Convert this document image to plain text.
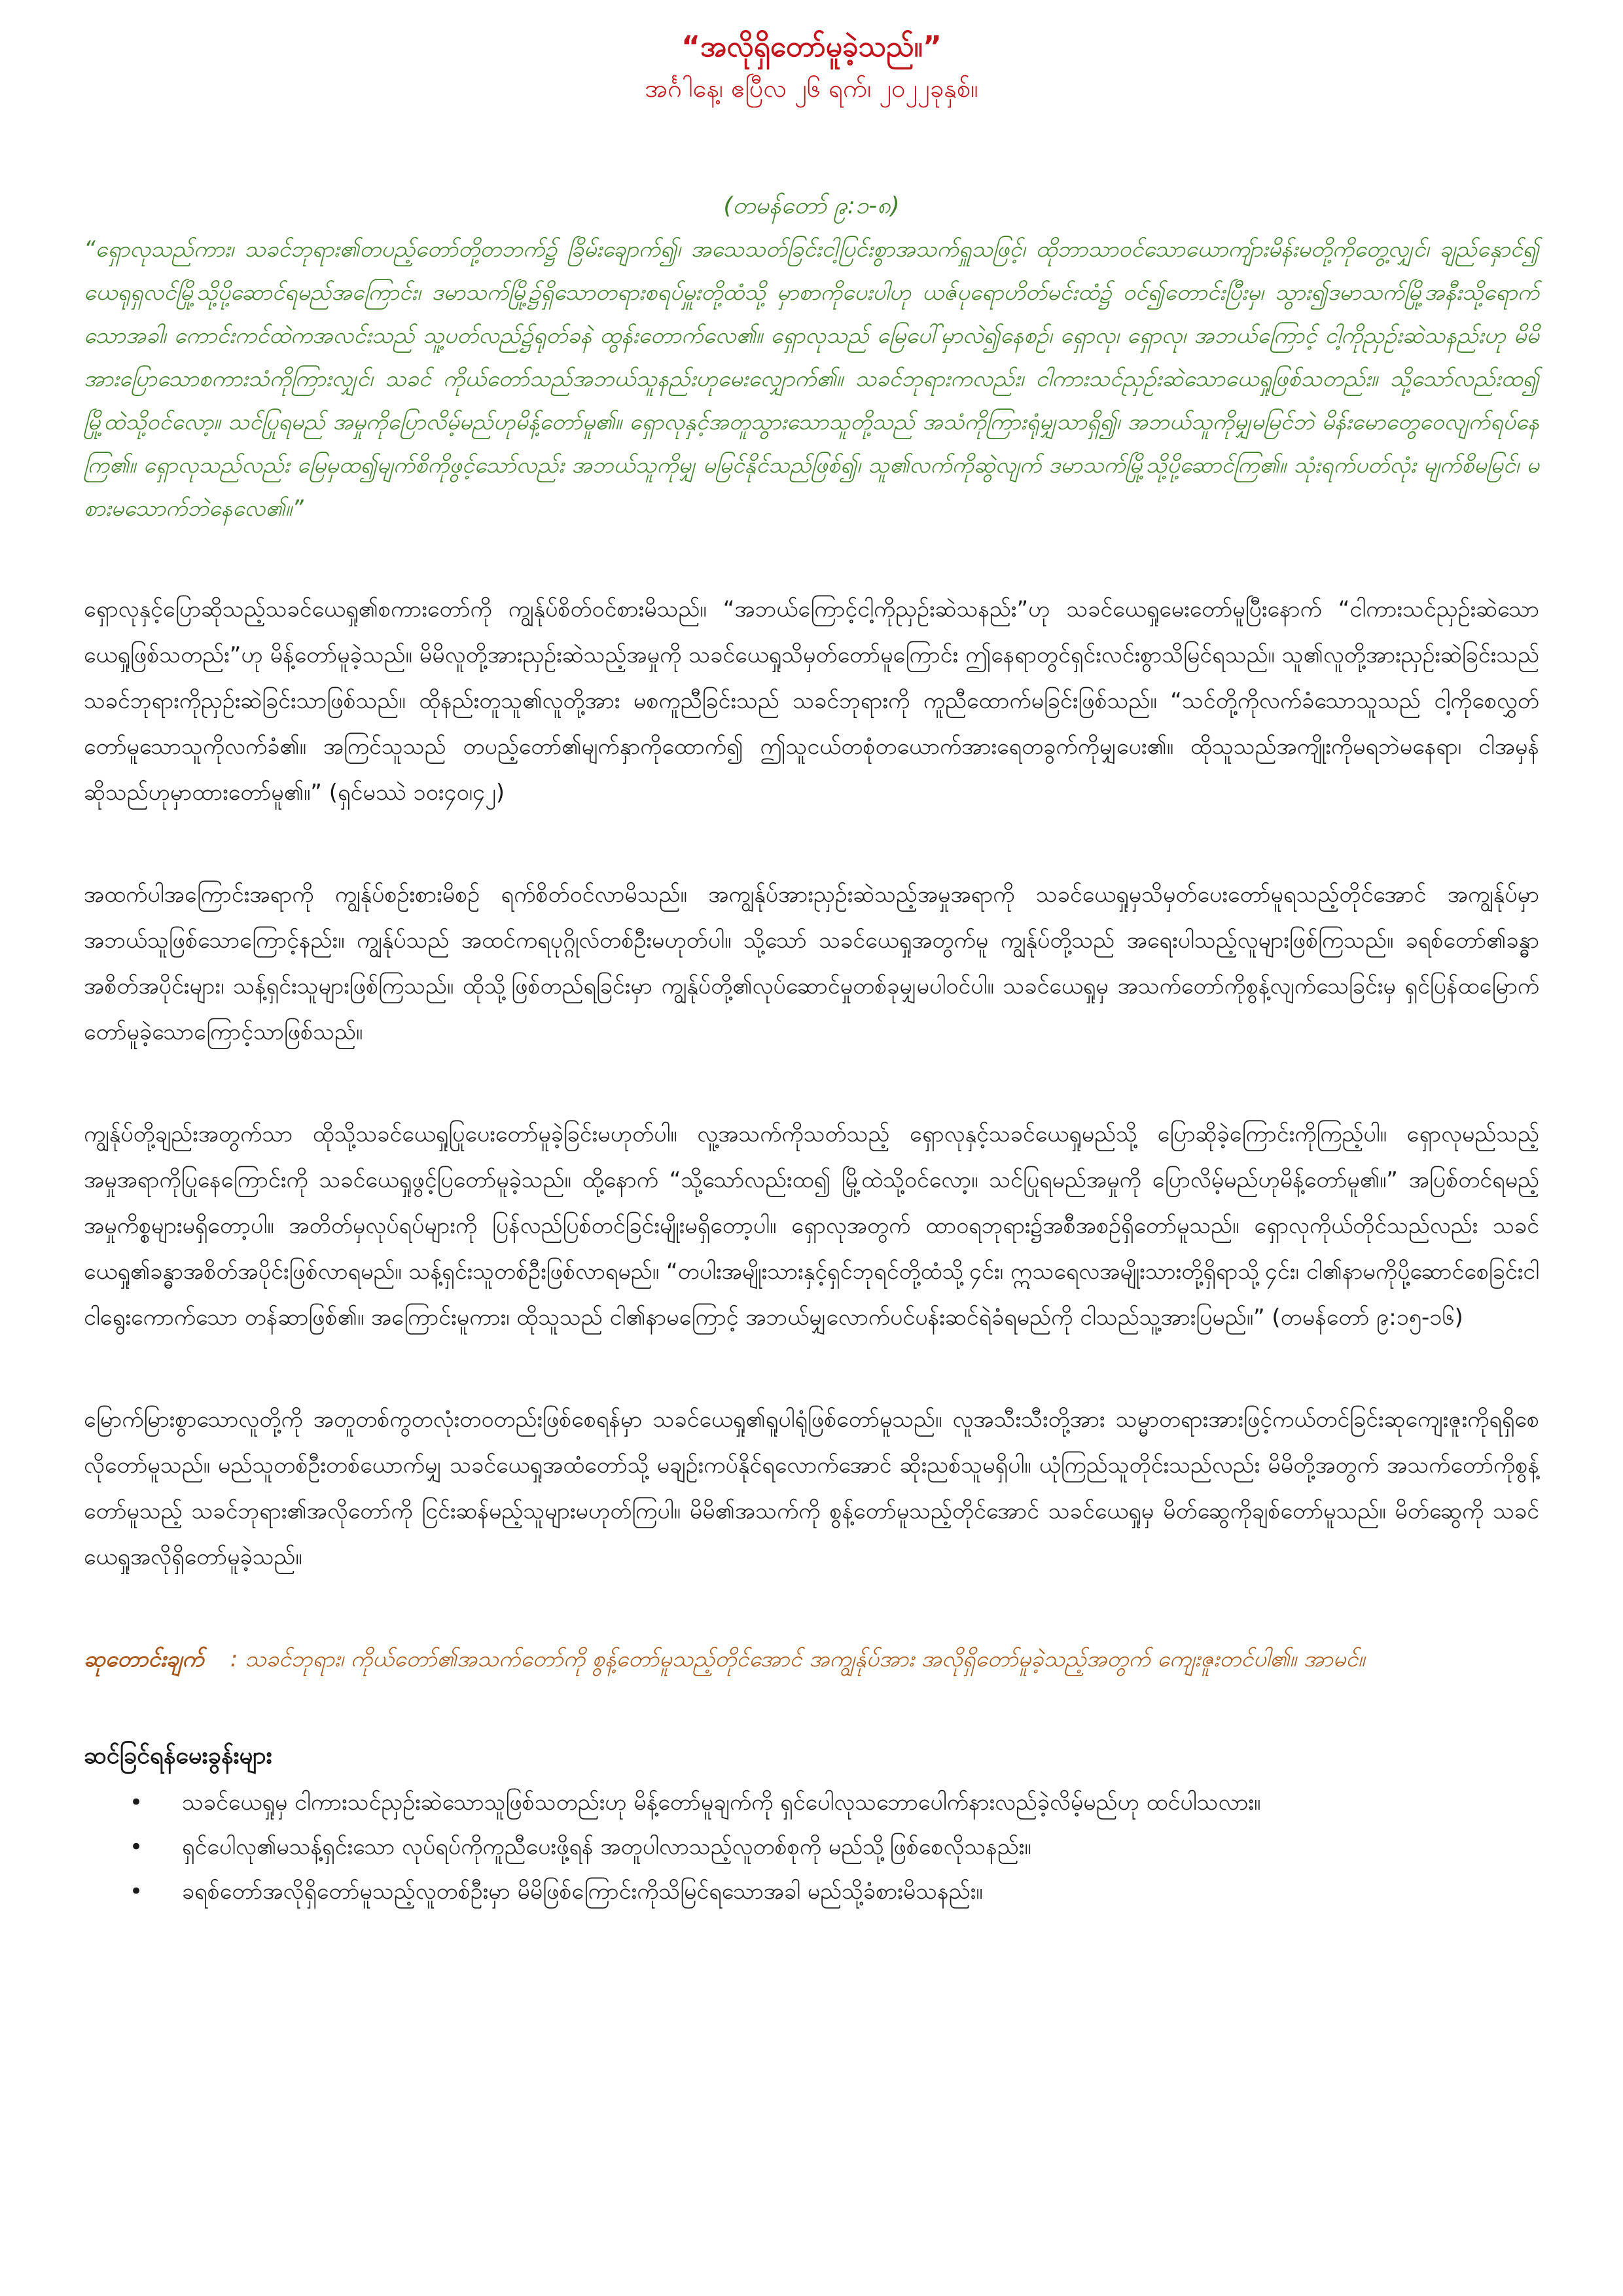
“အလိုရှိတော်မူခဲ့သည်။”

အင်္ဂါနေ့၊ ဧပြီလ ၂၆ ရက်၊ ၂၀၂၂ခုနှစ်။

(တမန်တော် ၉:၁-၈)

“ရှောလုသည်ကား၊ သခင်ဘုရား၏တပည့်တော်တို့တဘက်၌ ခြိမ်းချောက်၍၊ အသေသတ်ခြင်းငါ့ပြင်းစွာအသက်ရှူသဖြင့်၊ ထိုဘာသာဝင်သောယောကျ်ားမိန်းမတို့ကိုတွေ့လျှင်၊ ချည်နှောင်၍ ယေရုရှလင်မြို့သို့ပို့ဆောင်ရမည်အကြောင်း၊ ဒမာသက်မြို့၌ရှိသောတရားစရပ်မှူးတို့ထံသို့ မှာစာကိုပေးပါဟု ယဇ်ပုရောဟိတ်မင်းထံ၌ ဝင်၍တောင်းပြီးမှ၊ သွား၍ဒမာသက်မြို့အနီးသို့ရောက်သောအခါ၊ ကောင်းကင်ထဲကအလင်းသည် သူ့ပတ်လည်၌ရုတ်ခနဲ ထွန်းတောက်လေ၏။ ရှောလုသည် မြေပေါ်မှာလဲ၍နေစဉ်၊ ရှောလု၊ ရှောလု၊ အဘယ်ကြောင့် ငါ့ကိုညှဉ်းဆဲသနည်းဟု မိမိအားပြောသောစကားသံကိုကြားလျှင်၊ သခင် ကိုယ်တော်သည်အဘယ်သူနည်းဟုမေးလျှောက်၏။ သခင်ဘုရားကလည်း၊ ငါကားသင်ညှဉ်းဆဲသောယေရှုဖြစ်သတည်း။ သို့သော်လည်းထ၍ မြို့ထဲသို့ဝင်လော့။ သင်ပြုရမည် အမှုကိုပြောလိမ့်မည်ဟုမိန့်တော်မူ၏။ ရှောလုနှင့်အတူသွားသောသူတို့သည် အသံကိုကြားရုံမျှသာရှိ၍၊ အဘယ်သူကိုမျှမမြင်ဘဲ မိန်းမောတွေဝေလျက်ရပ်နေကြ၏။ ရှောလုသည်လည်း မြေမှထ၍မျက်စိကိုဖွင့်သော်လည်း အဘယ်သူကိုမျှ မမြင်နိုင်သည်ဖြစ်၍၊ သူ၏လက်ကိုဆွဲလျက် ဒမာသက်မြို့သို့ပို့ဆောင်ကြ၏။ သုံးရက်ပတ်လုံး မျက်စိမမြင်၊ မစားမသောက်ဘဲနေလေ၏။”

ရှောလုနှင့်ပြောဆိုသည့်သခင်ယေရှု၏စကားတော်ကို ကျွန်ုပ်စိတ်ဝင်စားမိသည်။ “အဘယ်ကြောင့်ငါ့ကိုညှဉ်းဆဲသနည်း”ဟု သခင်ယေရှုမေးတော်မူပြီးနောက် “ငါကားသင်ညှဉ်းဆဲသောယေရှုဖြစ်သတည်း”ဟု မိန့်တော်မူခဲ့သည်။ မိမိလူတို့အားညှဉ်းဆဲသည့်အမှုကို သခင်ယေရှုသိမှတ်တော်မူကြောင်း ဤနေရာတွင်ရှင်းလင်းစွာသိမြင်ရသည်။ သူ၏လူတို့အားညှဉ်းဆဲခြင်းသည် သခင်ဘုရားကိုညှဉ်းဆဲခြင်းသာဖြစ်သည်။ ထိုနည်းတူသူ၏လူတို့အား မစကူညီခြင်းသည် သခင်ဘုရားကို ကူညီထောက်မခြင်းဖြစ်သည်။ “သင်တို့ကိုလက်ခံသောသူသည် ငါ့ကိုစေလွှတ်တော်မူသောသူကိုလက်ခံ၏။ အကြင်သူသည် တပည့်တော်၏မျက်နှာကိုထောက်၍ ဤသူငယ်တစုံတယောက်အားရေတခွက်ကိုမျှပေး၏။ ထိုသူသည်အကျိုးကိုမရဘဲမနေရာ၊ ငါအမှန်ဆိုသည်ဟုမှာထားတော်မူ၏။” (ရှင်မဿဲ ၁၀း၄၀၊၄၂)

အထက်ပါအကြောင်းအရာကို ကျွန်ုပ်စဉ်းစားမိစဉ် ရက်စိတ်ဝင်လာမိသည်။ အကျွန်ုပ်အားညှဉ်းဆဲသည့်အမှုအရာကို သခင်ယေရှုမှသိမှတ်ပေးတော်မူရသည့်တိုင်အောင် အကျွန်ုပ်မှာအဘယ်သူဖြစ်သောကြောင့်နည်း။ ကျွန်ုပ်သည် အထင်ကရပုဂ္ဂိုလ်တစ်ဦးမဟုတ်ပါ။ သို့သော် သခင်ယေရှုအတွက်မူ ကျွန်ုပ်တို့သည် အရေးပါသည့်လူများဖြစ်ကြသည်။ ခရစ်တော်၏ခန္ဓာအစိတ်အပိုင်းများ၊ သန့်ရှင်းသူများဖြစ်ကြသည်။ ထိုသို့ဖြစ်တည်ရခြင်းမှာ ကျွန်ုပ်တို့၏လုပ်ဆောင်မှုတစ်ခုမျှမပါဝင်ပါ။ သခင်ယေရှုမှ အသက်တော်ကိုစွန့်လျက်သေခြင်းမှ ရှင်ပြန်ထမြောက်တော်မူခဲ့သောကြောင့်သာဖြစ်သည်။

ကျွန်ုပ်တို့ချည်းအတွက်သာ ထိုသို့သခင်ယေရှုပြုပေးတော်မူခဲ့ခြင်းမဟုတ်ပါ။ လူ့အသက်ကိုသတ်သည့် ရှောလုနှင့်သခင်ယေရှုမည်သို့ ပြောဆိုခဲ့ကြောင်းကိုကြည့်ပါ။ ရှောလုမည်သည့်အမှုအရာကိုပြုနေကြောင်းကို သခင်ယေရှုဖွင့်ပြတော်မူခဲ့သည်။ ထို့နောက် “သို့သော်လည်းထ၍ မြို့ထဲသို့ဝင်လော့။ သင်ပြုရမည်အမှုကို ပြောလိမ့်မည်ဟုမိန့်တော်မူ၏။” အပြစ်တင်ရမည့်အမှုကိစ္စများမရှိတော့ပါ။ အတိတ်မှလုပ်ရပ်များကို ပြန်လည်ပြစ်တင်ခြင်းမျိုးမရှိတော့ပါ။ ရှောလုအတွက် ထာဝရဘုရား၌အစီအစဉ်ရှိတော်မူသည်။ ရှောလုကိုယ်တိုင်သည်လည်း သခင်ယေရှု၏ခန္ဓာအစိတ်အပိုင်းဖြစ်လာရမည်။ သန့်ရှင်းသူတစ်ဦးဖြစ်လာရမည်။ “တပါးအမျိုးသားနှင့်ရှင်ဘုရင်တို့ထံသို့၄င်း၊ ဣသရေလအမျိုးသားတို့ရှိရာသို့၄င်း၊ ငါ၏နာမကိုပို့ဆောင်စေခြင်းငါ ငါရွေးကောက်သော တန်ဆာဖြစ်၏။ အကြောင်းမူကား၊ ထိုသူသည် ငါ၏နာမကြောင့် အဘယ်မျှလောက်ပင်ပန်းဆင်ရဲခံရမည်ကို ငါသည်သူ့အားပြမည်။” (တမန်တော် ၉:၁၅-၁၆)

မြောက်မြားစွာသောလူတို့ကို အတူတစ်ကွတလုံးတဝတည်းဖြစ်စေရန်မှာ သခင်ယေရှု၏ရူပါရုံဖြစ်တော်မူသည်။ လူအသီးသီးတို့အား သမ္မာတရားအားဖြင့်ကယ်တင်ခြင်းဆုကျေးဇူးကိုရရှိစေလိုတော်မူသည်။ မည်သူတစ်ဦးတစ်ယောက်မျှ သခင်ယေရှုအထံတော်သို့ မချဉ်းကပ်နိုင်ရလောက်အောင် ဆိုးညစ်သူမရှိပါ။ ယုံကြည်သူတိုင်းသည်လည်း မိမိတို့အတွက် အသက်တော်ကိုစွန့်တော်မူသည့် သခင်ဘုရား၏အလိုတော်ကို ငြင်းဆန်မည့်သူများမဟုတ်ကြပါ။ မိမိ၏အသက်ကို စွန့်တော်မူသည့်တိုင်အောင် သခင်ယေရှုမှ မိတ်ဆွေကိုချစ်တော်မူသည်။ မိတ်ဆွေကို သခင်ယေရှုအလိုရှိတော်မူခဲ့သည်။

ဆုတောင်းချက် : သခင်ဘုရား၊ ကိုယ်တော်၏အသက်တော်ကို စွန့်တော်မူသည့်တိုင်အောင် အကျွန်ုပ်အား အလိုရှိတော်မူခဲ့သည့်အတွက် ကျေးဇူးတင်ပါ၏။ အာမင်။

ဆင်ခြင်ရန်မေးခွန်းများ

• သခင်ယေရှုမှ ငါကားသင်ညှဉ်းဆဲသောသူဖြစ်သတည်းဟု မိန့်တော်မူချက်ကို ရှင်ပေါလုသဘောပေါက်နားလည်ခဲ့လိမ့်မည်ဟု ထင်ပါသလား။
• ရှင်ပေါလု၏မသန့်ရှင်းသော လုပ်ရပ်ကိုကူညီပေးဖို့ရန် အတူပါလာသည့်လူတစ်စုကို မည်သို့ဖြစ်စေလိုသနည်း။
• ခရစ်တော်အလိုရှိတော်မူသည့်လူတစ်ဦးမှာ မိမိဖြစ်ကြောင်းကိုသိမြင်ရသောအခါ မည်သို့ခံစားမိသနည်း။
